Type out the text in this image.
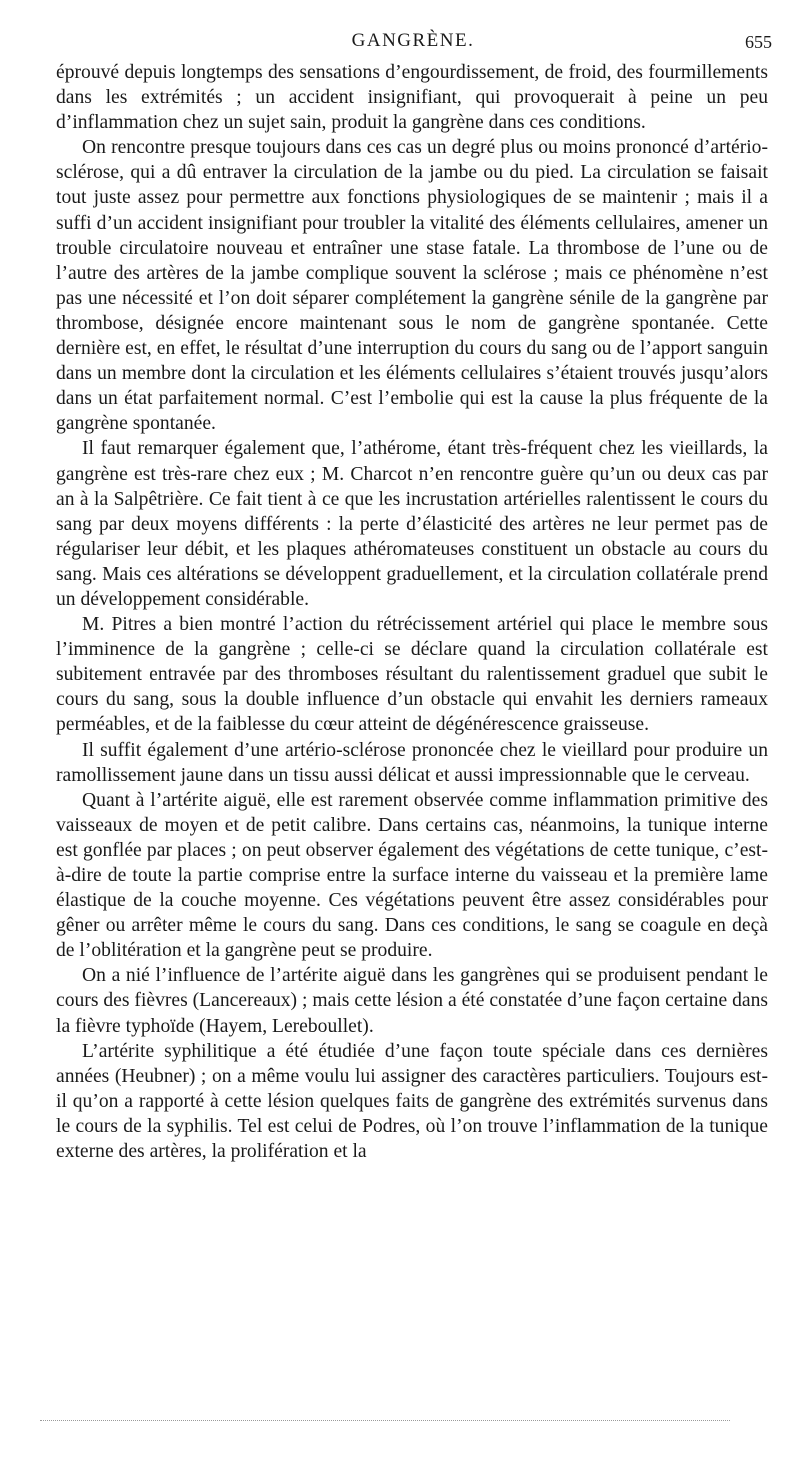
GANGRÈNE.	655

éprouvé depuis longtemps des sensations d’engourdissement, de froid, des fourmillements dans les extrémités ; un accident insignifiant, qui provoquerait à peine un peu d’inflammation chez un sujet sain, produit la gangrène dans ces conditions.

On rencontre presque toujours dans ces cas un degré plus ou moins prononcé d’artério-sclérose, qui a dû entraver la circulation de la jambe ou du pied. La circulation se faisait tout juste assez pour permettre aux fonctions physiologiques de se maintenir ; mais il a suffi d’un accident insignifiant pour troubler la vitalité des éléments cellulaires, amener un trouble circulatoire nouveau et entraîner une stase fatale. La thrombose de l’une ou de l’autre des artères de la jambe complique souvent la sclérose ; mais ce phénomène n’est pas une nécessité et l’on doit séparer complétement la gangrène sénile de la gangrène par thrombose, désignée encore maintenant sous le nom de gangrène spontanée. Cette dernière est, en effet, le résultat d’une interruption du cours du sang ou de l’apport sanguin dans un membre dont la circulation et les éléments cellulaires s’étaient trouvés jusqu’alors dans un état parfaitement normal. C’est l’embolie qui est la cause la plus fréquente de la gangrène spontanée.

Il faut remarquer également que, l’athérome, étant très-fréquent chez les vieillards, la gangrène est très-rare chez eux ; M. Charcot n’en rencontre guère qu’un ou deux cas par an à la Salpêtrière. Ce fait tient à ce que les incrustation artérielles ralentissent le cours du sang par deux moyens différents : la perte d’élasticité des artères ne leur permet pas de régulariser leur débit, et les plaques athéromateuses constituent un obstacle au cours du sang. Mais ces altérations se développent graduellement, et la circulation collatérale prend un développement considérable.

M. Pitres a bien montré l’action du rétrécissement artériel qui place le membre sous l’imminence de la gangrène ; celle-ci se déclare quand la circulation collatérale est subitement entravée par des thromboses résultant du ralentissement graduel que subit le cours du sang, sous la double influence d’un obstacle qui envahit les derniers rameaux perméables, et de la faiblesse du cœur atteint de dégénérescence graisseuse.

Il suffit également d’une artério-sclérose prononcée chez le vieillard pour produire un ramollissement jaune dans un tissu aussi délicat et aussi impressionnable que le cerveau.

Quant à l’artérite aiguë, elle est rarement observée comme inflammation primitive des vaisseaux de moyen et de petit calibre. Dans certains cas, néanmoins, la tunique interne est gonflée par places ; on peut observer également des végétations de cette tunique, c’est-à-dire de toute la partie comprise entre la surface interne du vaisseau et la première lame élastique de la couche moyenne. Ces végétations peuvent être assez considérables pour gêner ou arrêter même le cours du sang. Dans ces conditions, le sang se coagule en deçà de l’oblitération et la gangrène peut se produire.

On a nié l’influence de l’artérite aiguë dans les gangrènes qui se produisent pendant le cours des fièvres (Lancereaux) ; mais cette lésion a été constatée d’une façon certaine dans la fièvre typhoïde (Hayem, Lereboullet).

L’artérite syphilitique a été étudiée d’une façon toute spéciale dans ces dernières années (Heubner) ; on a même voulu lui assigner des caractères particuliers. Toujours est-il qu’on a rapporté à cette lésion quelques faits de gangrène des extrémités survenus dans le cours de la syphilis. Tel est celui de Podres, où l’on trouve l’inflammation de la tunique externe des artères, la prolifération et la
